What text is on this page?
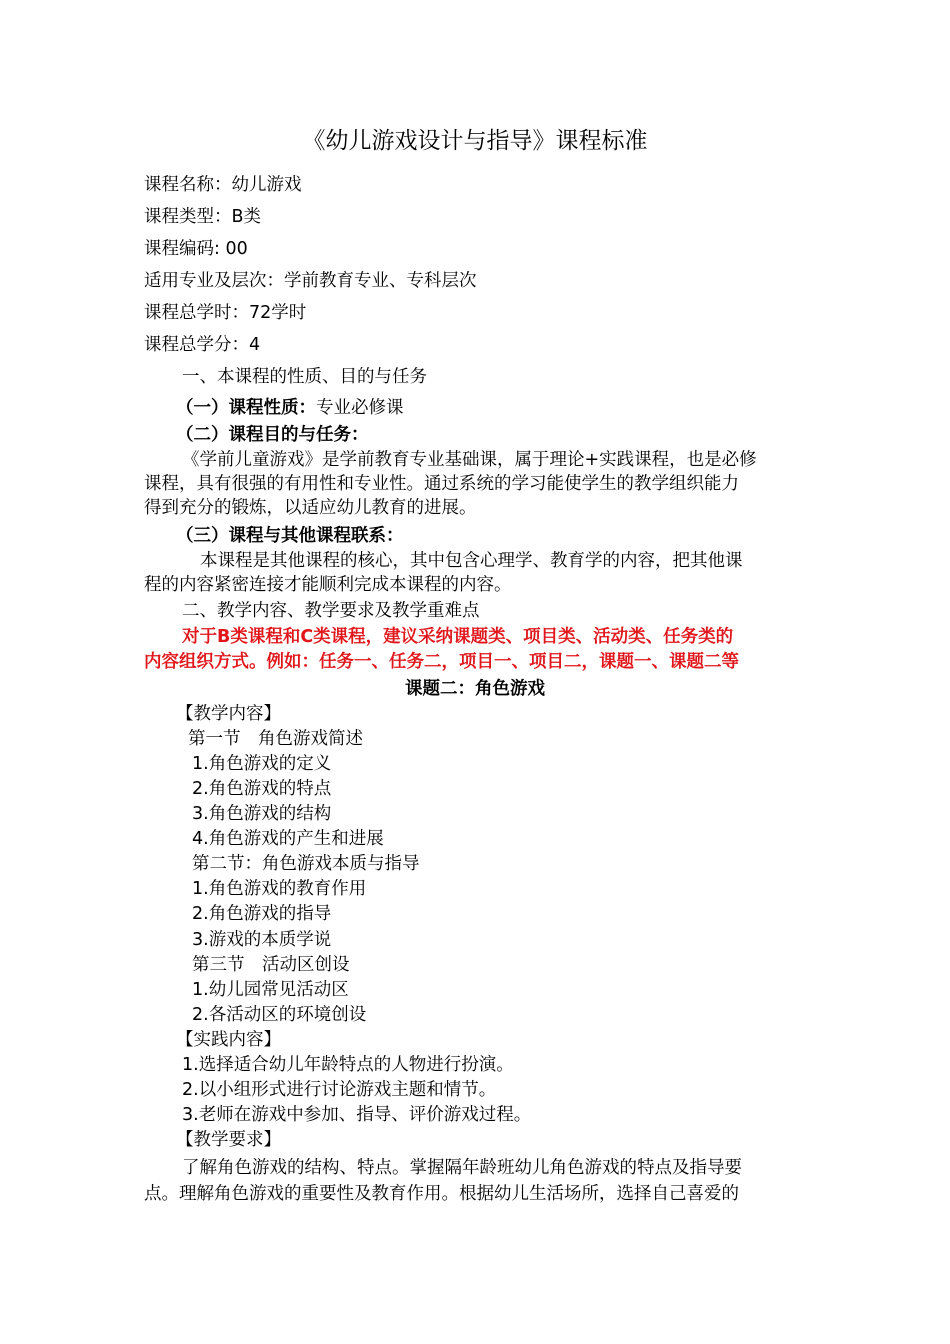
《幼儿游戏设计与指导》课程标准
课程名称：幼儿游戏
课程类型：B类
课程编码: 00
适用专业及层次：学前教育专业、专科层次
课程总学时：72学时
课程总学分：4
一、本课程的性质、目的与任务
（一）课程性质：专业必修课
（二）课程目的与任务：
《学前儿童游戏》是学前教育专业基础课，属于理论+实践课程，也是必修
课程，具有很强的有用性和专业性。通过系统的学习能使学生的教学组织能力
得到充分的锻炼，以适应幼儿教育的进展。
（三）课程与其他课程联系：
本课程是其他课程的核心，其中包含心理学、教育学的内容，把其他课
程的内容紧密连接才能顺利完成本课程的内容。
二、教学内容、教学要求及教学重难点
对于B类课程和C类课程，建议采纳课题类、项目类、活动类、任务类的
内容组织方式。例如：任务一、任务二，项目一、项目二，课题一、课题二等
课题二：角色游戏
【教学内容】
第一节　角色游戏简述
1.角色游戏的定义
2.角色游戏的特点
3.角色游戏的结构
4.角色游戏的产生和进展
第二节：角色游戏本质与指导
1.角色游戏的教育作用
2.角色游戏的指导
3.游戏的本质学说
第三节　活动区创设
1.幼儿园常见活动区
2.各活动区的环境创设
【实践内容】
1.选择适合幼儿年龄特点的人物进行扮演。
2.以小组形式进行讨论游戏主题和情节。
3.老师在游戏中参加、指导、评价游戏过程。
【教学要求】
了解角色游戏的结构、特点。掌握隔年龄班幼儿角色游戏的特点及指导要
点。理解角色游戏的重要性及教育作用。根据幼儿生活场所，选择自己喜爱的
